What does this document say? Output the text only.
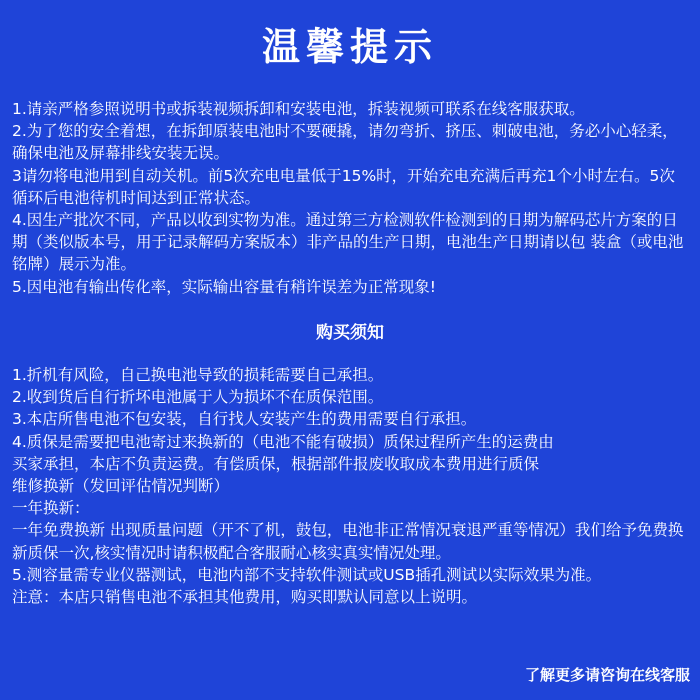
温馨提示
1.请亲严格参照说明书或拆装视频拆卸和安装电池，拆装视频可联系在线客服获取。
2.为了您的安全着想，在拆卸原装电池时不要硬撬，请勿弯折、挤压、刺破电池，务必小心轻柔，确保电池及屏幕排线安装无误。
3请勿将电池用到自动关机。前5次充电电量低于15%时，开始充电充满后再充1个小时左右。5次循环后电池待机时间达到正常状态。
4.因生产批次不同，产品以收到实物为准。通过第三方检测软件检测到的日期为解码芯片方案的日期（类似版本号，用于记录解码方案版本）非产品的生产日期，电池生产日期请以包 装盒（或电池铭牌）展示为准。
5.因电池有输出传化率，实际输出容量有稍许误差为正常现象!
购买须知
1.折机有风险，自己换电池导致的损耗需要自己承担。
2.收到货后自行折坏电池属于人为损坏不在质保范围。
3.本店所售电池不包安装，自行找人安装产生的费用需要自行承担。
4.质保是需要把电池寄过来换新的（电池不能有破损）质保过程所产生的运费由
买家承担，本店不负责运费。有偿质保，根据部件报废收取成本费用进行质保
维修换新（发回评估情况判断）
一年换新：
一年免费换新 出现质量问题（开不了机，鼓包，电池非正常情况衰退严重等情况）我们给予免费换新质保一次,核实情况时请积极配合客服耐心核实真实情况处理。
5.测容量需专业仪器测试，电池内部不支持软件测试或USB插孔测试以实际效果为准。
注意：本店只销售电池不承担其他费用，购买即默认同意以上说明。
了解更多请咨询在线客服
